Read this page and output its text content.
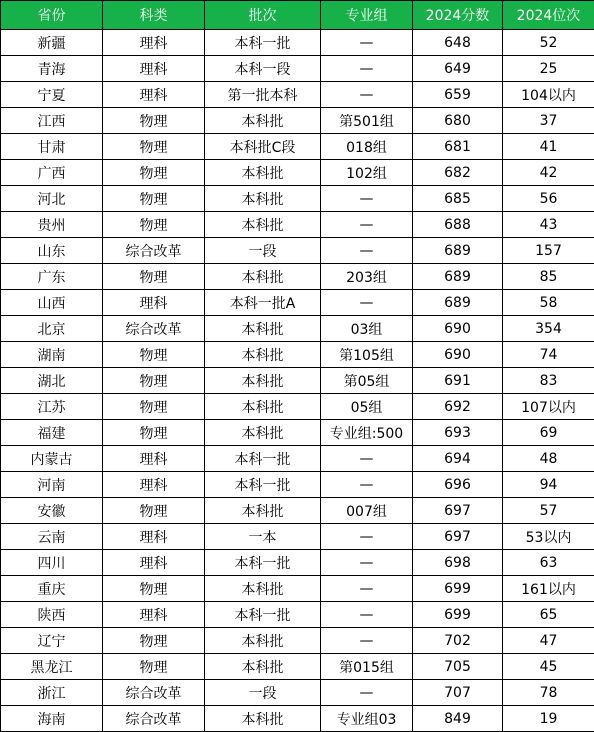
省份	科类	批次	专业组	2024分数	2024位次
新疆	理科	本科一批	—	648	52
青海	理科	本科一段	—	649	25
宁夏	理科	第一批本科	—	659	104以内
江西	物理	本科批	第501组	680	37
甘肃	物理	本科批C段	018组	681	41
广西	物理	本科批	102组	682	42
河北	物理	本科批	—	685	56
贵州	物理	本科批	—	688	43
山东	综合改革	一段	—	689	157
广东	物理	本科批	203组	689	85
山西	理科	本科一批A	—	689	58
北京	综合改革	本科批	03组	690	354
湖南	物理	本科批	第105组	690	74
湖北	物理	本科批	第05组	691	83
江苏	物理	本科批	05组	692	107以内
福建	物理	本科批	专业组:500	693	69
内蒙古	理科	本科一批	—	694	48
河南	理科	本科一批	—	696	94
安徽	物理	本科批	007组	697	57
云南	理科	一本	—	697	53以内
四川	理科	本科一批	—	698	63
重庆	物理	本科批	—	699	161以内
陕西	理科	本科一批	—	699	65
辽宁	物理	本科批	—	702	47
黑龙江	物理	本科批	第015组	705	45
浙江	综合改革	一段	—	707	78
海南	综合改革	本科批	专业组03	849	19
